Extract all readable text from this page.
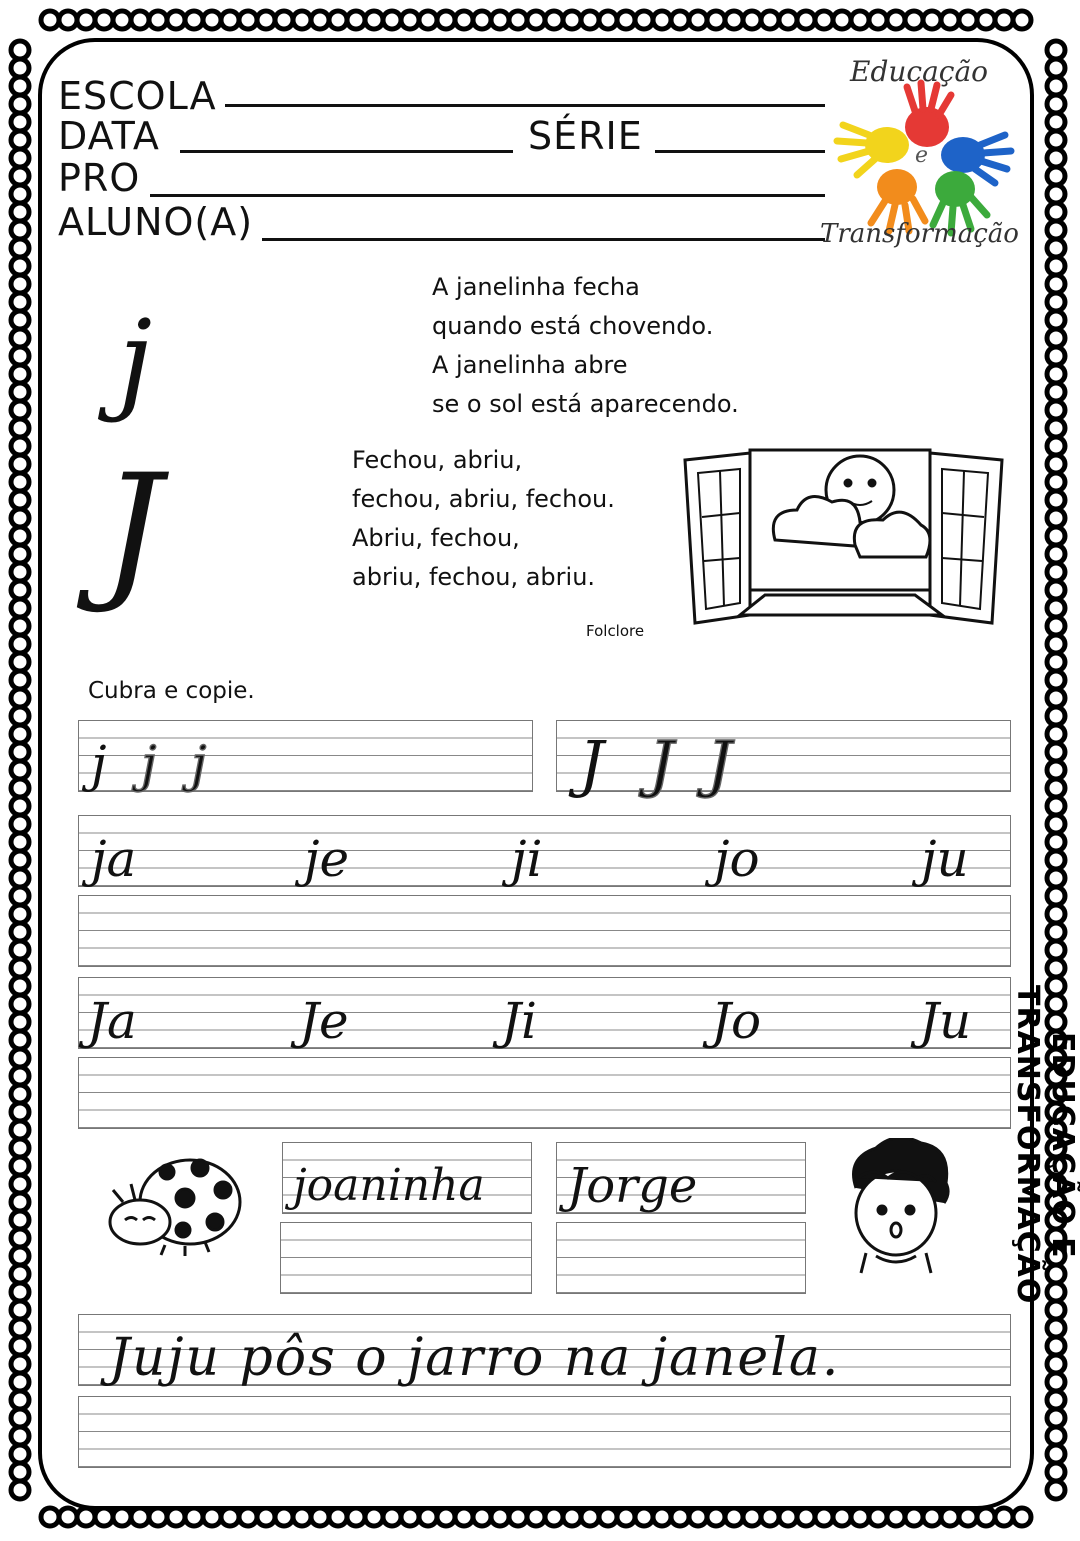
ESCOLA
DATA	SÉRIE
PRO
ALUNO(A)
Educação
e
Transformação
j
J
A janelinha fecha
quando está chovendo.
A janelinha abre
se o sol está aparecendo.
Fechou, abriu,
fechou, abriu, fechou.
Abriu, fechou,
abriu, fechou, abriu.
Folclore
Cubra e copie.
j j j	J J J
ja	je	ji	jo	ju
Ja	Je	Ji	Jo	Ju
joaninha Jorge
Juju pôs o jarro na janela.
EDUCAÇÃO E TRANSFORMAÇÃO
